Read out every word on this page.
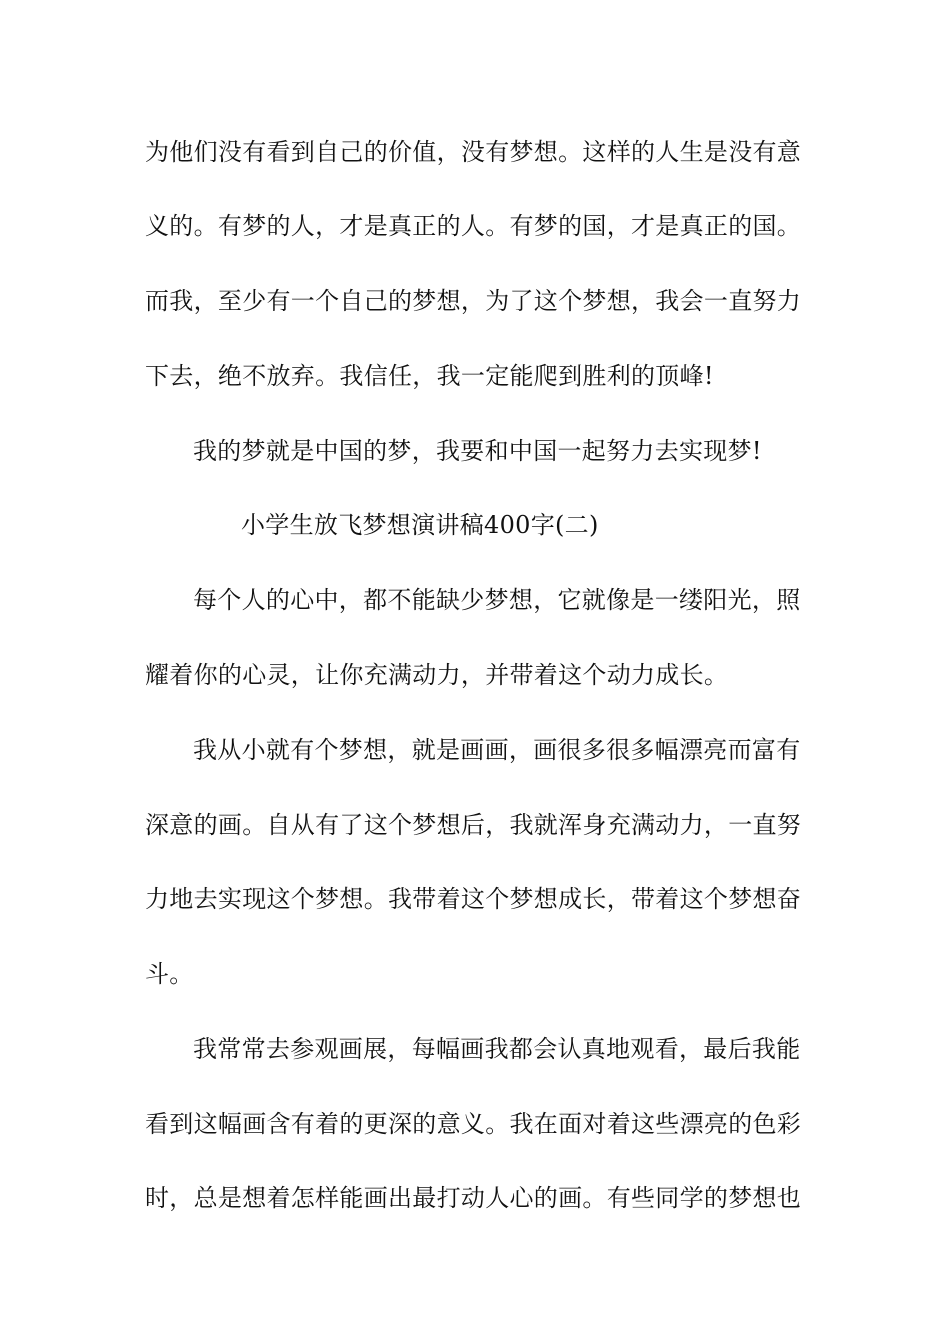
为他们没有看到自己的价值，没有梦想。这样的人生是没有意
义的。有梦的人，才是真正的人。有梦的国，才是真正的国。
而我，至少有一个自己的梦想，为了这个梦想，我会一直努力
下去，绝不放弃。我信任，我一定能爬到胜利的顶峰!
我的梦就是中国的梦，我要和中国一起努力去实现梦!
小学生放飞梦想演讲稿400字(二)
每个人的心中，都不能缺少梦想，它就像是一缕阳光，照
耀着你的心灵，让你充满动力，并带着这个动力成长。
我从小就有个梦想，就是画画，画很多很多幅漂亮而富有
深意的画。自从有了这个梦想后，我就浑身充满动力，一直努
力地去实现这个梦想。我带着这个梦想成长，带着这个梦想奋
斗。
我常常去参观画展，每幅画我都会认真地观看，最后我能
看到这幅画含有着的更深的意义。我在面对着这些漂亮的色彩
时，总是想着怎样能画出最打动人心的画。有些同学的梦想也
